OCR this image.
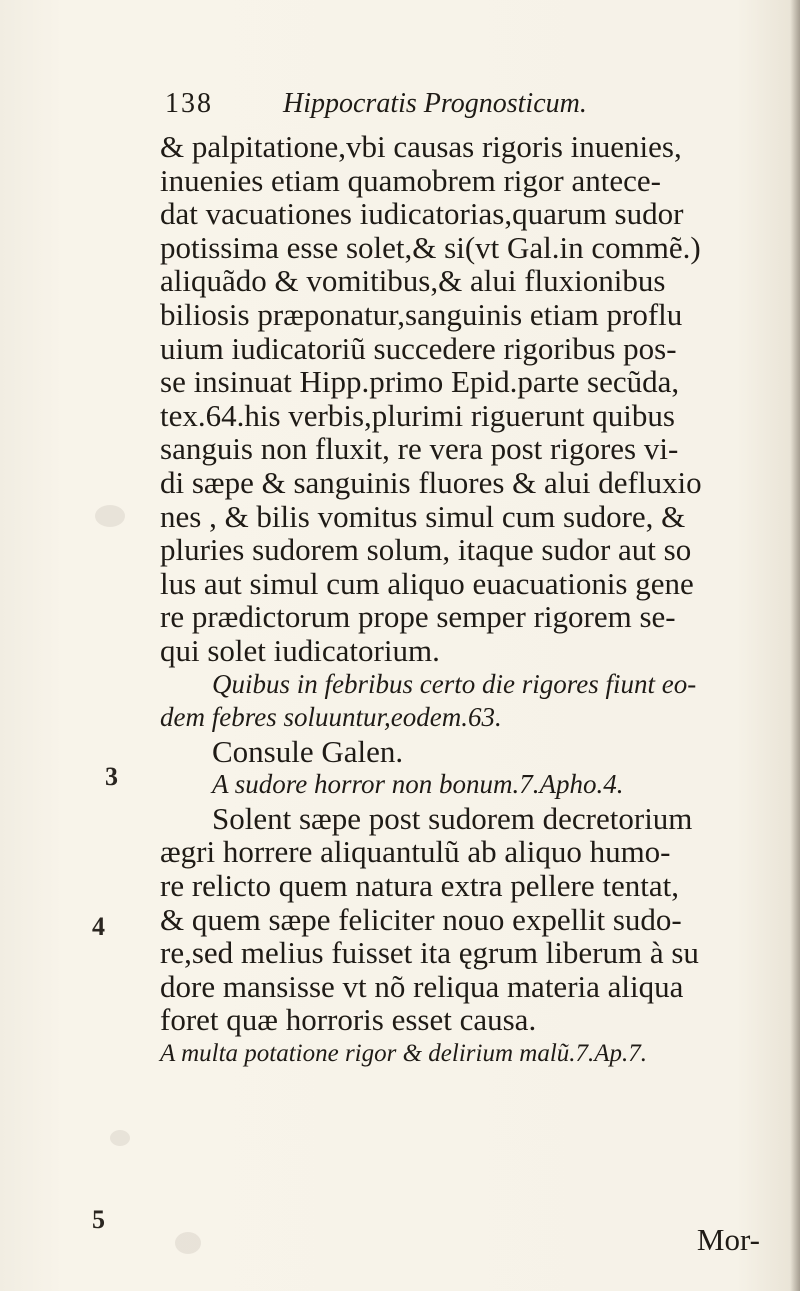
138	Hippocratis Prognosticum.
3
4
5
& palpitatione,vbi causas rigoris inuenies,
inuenies etiam quamobrem rigor antece-
dat vacuationes iudicatorias,quarum sudor
potissima esse solet,& si(vt Gal.in commẽ.)
aliquãdo & vomitibus,& alui fluxionibus
biliosis præponatur,sanguinis etiam proflu
uium iudicatoriũ succedere rigoribus pos-
se insinuat Hipp.primo Epid.parte secũda,
tex.64.his verbis,plurimi riguerunt quibus
sanguis non fluxit, re vera post rigores vi-
di sæpe & sanguinis fluores & alui defluxio
nes , & bilis vomitus simul cum sudore, &
pluries sudorem solum, itaque sudor aut so
lus aut simul cum aliquo euacuationis gene
re prædictorum prope semper rigorem se-
qui solet iudicatorium.
Quibus in febribus certo die rigores fiunt eo-
dem febres soluuntur,eodem.63.
Consule Galen.
A sudore horror non bonum.7.Apho.4.
Solent sæpe post sudorem decretorium
ægri horrere aliquantulũ ab aliquo humo-
re relicto quem natura extra pellere tentat,
& quem sæpe feliciter nouo expellit sudo-
re,sed melius fuisset ita ęgrum liberum à su
dore mansisse vt nõ reliqua materia aliqua
foret quæ horroris esset causa.
A multa potatione rigor & delirium malũ.7.Ap.7.
Mor-
